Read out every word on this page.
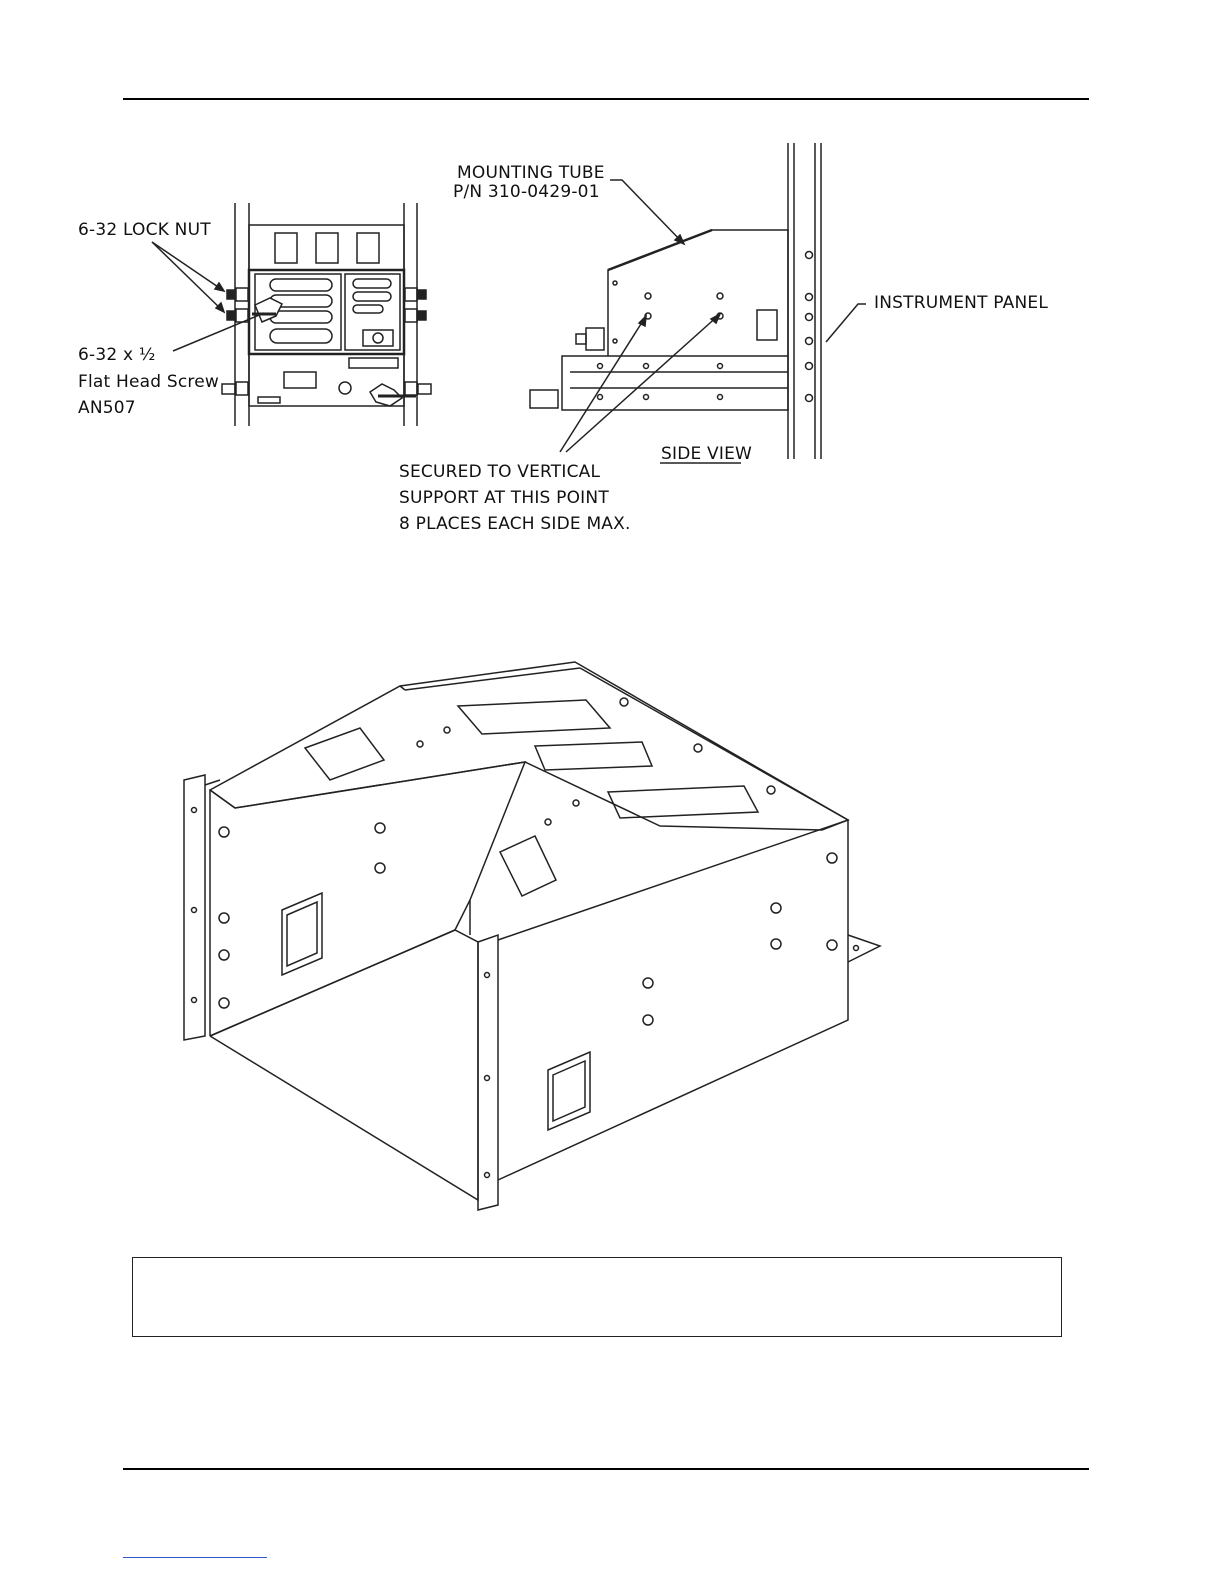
6-32 LOCK NUT
6-32 x ½
Flat Head Screw
AN507
MOUNTING TUBE
P/N 310-0429-01
INSTRUMENT PANEL
SIDE VIEW
SECURED TO VERTICAL
SUPPORT AT THIS POINT
8 PLACES EACH SIDE MAX.
